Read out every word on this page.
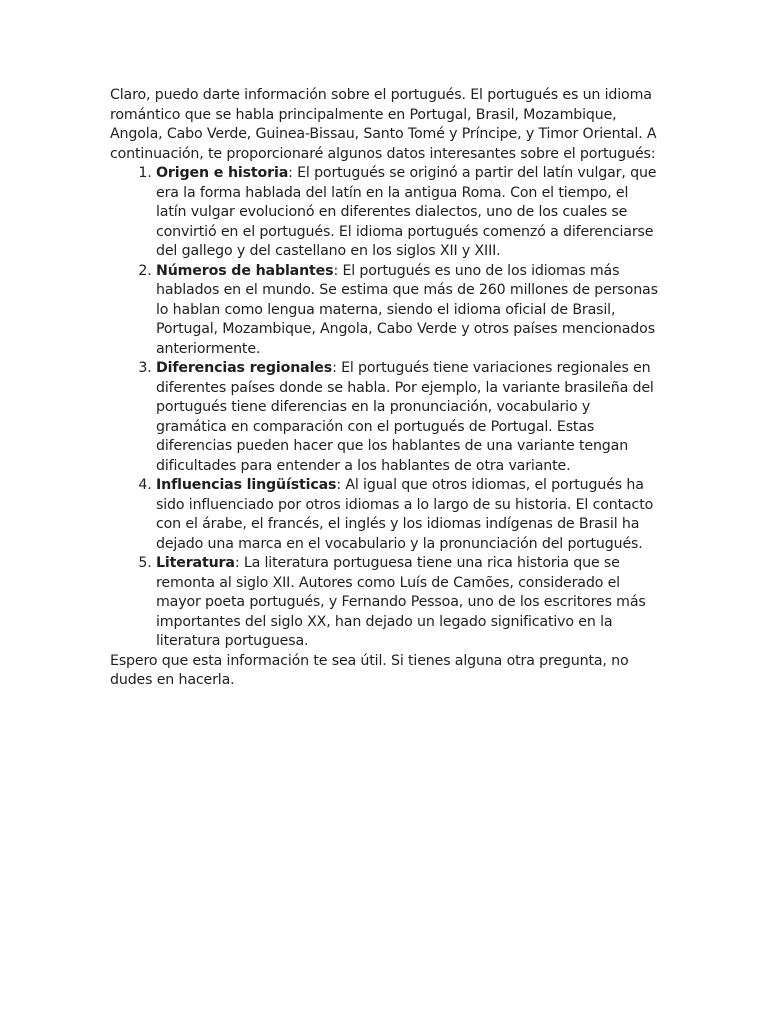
Claro, puedo darte información sobre el portugués. El portugués es un idioma romántico que se habla principalmente en Portugal, Brasil, Mozambique, Angola, Cabo Verde, Guinea-Bissau, Santo Tomé y Príncipe, y Timor Oriental. A continuación, te proporcionaré algunos datos interesantes sobre el portugués:

1. Origen e historia: El portugués se originó a partir del latín vulgar, que era la forma hablada del latín en la antigua Roma. Con el tiempo, el latín vulgar evolucionó en diferentes dialectos, uno de los cuales se convirtió en el portugués. El idioma portugués comenzó a diferenciarse del gallego y del castellano en los siglos XII y XIII.
2. Números de hablantes: El portugués es uno de los idiomas más hablados en el mundo. Se estima que más de 260 millones de personas lo hablan como lengua materna, siendo el idioma oficial de Brasil, Portugal, Mozambique, Angola, Cabo Verde y otros países mencionados anteriormente.
3. Diferencias regionales: El portugués tiene variaciones regionales en diferentes países donde se habla. Por ejemplo, la variante brasileña del portugués tiene diferencias en la pronunciación, vocabulario y gramática en comparación con el portugués de Portugal. Estas diferencias pueden hacer que los hablantes de una variante tengan dificultades para entender a los hablantes de otra variante.
4. Influencias lingüísticas: Al igual que otros idiomas, el portugués ha sido influenciado por otros idiomas a lo largo de su historia. El contacto con el árabe, el francés, el inglés y los idiomas indígenas de Brasil ha dejado una marca en el vocabulario y la pronunciación del portugués.
5. Literatura: La literatura portuguesa tiene una rica historia que se remonta al siglo XII. Autores como Luís de Camões, considerado el mayor poeta portugués, y Fernando Pessoa, uno de los escritores más importantes del siglo XX, han dejado un legado significativo en la literatura portuguesa.

Espero que esta información te sea útil. Si tienes alguna otra pregunta, no dudes en hacerla.
